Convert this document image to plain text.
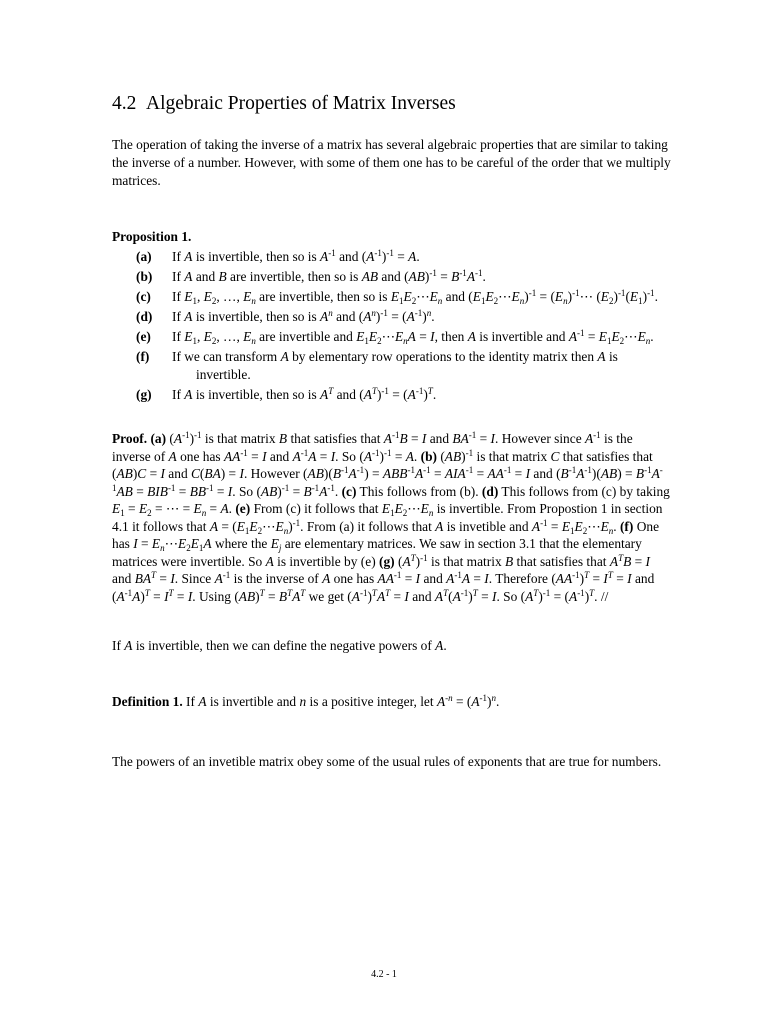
4.2 Algebraic Properties of Matrix Inverses

The operation of taking the inverse of a matrix has several algebraic properties that are similar to taking the inverse of a number. However, with some of them one has to be careful of the order that we multiply matrices.

Proposition 1.
(a) If A is invertible, then so is $A^{-1}$ and $(A^{-1})^{-1} = A$.
(b) If A and B are invertible, then so is AB and $(AB)^{-1} = B^{-1}A^{-1}$.
(c) If $E_1$, $E_2$, …, $E_n$ are invertible, then so is $E_1E_2\cdots E_n$ and $(E_1E_2\cdots E_n)^{-1}$ = $(E_n)^{-1}\cdots$ $(E_2)^{-1}(E_1)^{-1}$.
(d) If A is invertible, then so is $A^n$ and $(A^n)^{-1} = (A^{-1})^n$.
(e) If $E_1$, $E_2$, …, $E_n$ are invertible and $E_1E_2\cdots E_nA = I$, then A is invertible and $A^{-1}$ = $E_1E_2\cdots E_n$.
(f) If we can transform A by elementary row operations to the identity matrix then A is invertible.
(g) If A is invertible, then so is $A^T$ and $(A^T)^{-1} = (A^{-1})^T$.

Proof. (a) $(A^{-1})^{-1}$ is that matrix B that satisfies that $A^{-1}B = I$ and $BA^{-1} = I$. However since $A^{-1}$ is the inverse of A one has $AA^{-1} = I$ and $A^{-1}A = I$. So $(A^{-1})^{-1} = A$. (b) (AB)$^{-1}$ is that matrix C that satisfies that (AB)C = I and C(BA) = I. However $(AB)(B^{-1}A^{-1}) = ABB^{-1}A^{-1} = AIA^{-1} = AA^{-1} = I$ and $(B^{-1}A^{-1})(AB) = B^{-1}A^{-1}AB = BIB^{-1} = BB^{-1} = I$. So $(AB)^{-1} = B^{-1}A^{-1}$. (c) This follows from (b). (d) This follows from (c) by taking $E_1 = E_2$ = ⋯ = $E_n = A$. (e) From (c) it follows that $E_1E_2\cdots E_n$ is invertible. From Propostion 1 in section 4.1 it follows that $A = (E_1E_2\cdots E_n)^{-1}$. From (a) it follows that A is invetible and $A^{-1}$ = $E_1E_2\cdots E_n$. (f) One has $I = E_n\cdots E_2E_1A$ where the $E_j$ are elementary matrices. We saw in section 3.1 that the elementary matrices were invertible. So A is invertible by (e) (g) $(A^T)^{-1}$ is that matrix B that satisfies that $A^TB = I$ and $BA^T = I$. Since $A^{-1}$ is the inverse of A one has $AA^{-1} = I$ and $A^{-1}A = I$. Therefore $(AA^{-1})^T = I^T = I$ and $(A^{-1}A)^T = I^T = I$. Using $(AB)^T = B^TA^T$ we get $(A^{-1})^TA^T = I$ and $A^T(A^{-1})^T = I$. So $(A^T)^{-1} = (A^{-1})^T$. //

If A is invertible, then we can define the negative powers of A.

Definition 1. If A is invertible and n is a positive integer, let $A^{-n} = (A^{-1})^n$.

The powers of an invetible matrix obey some of the usual rules of exponents that are true for numbers.

4.2 - 1
